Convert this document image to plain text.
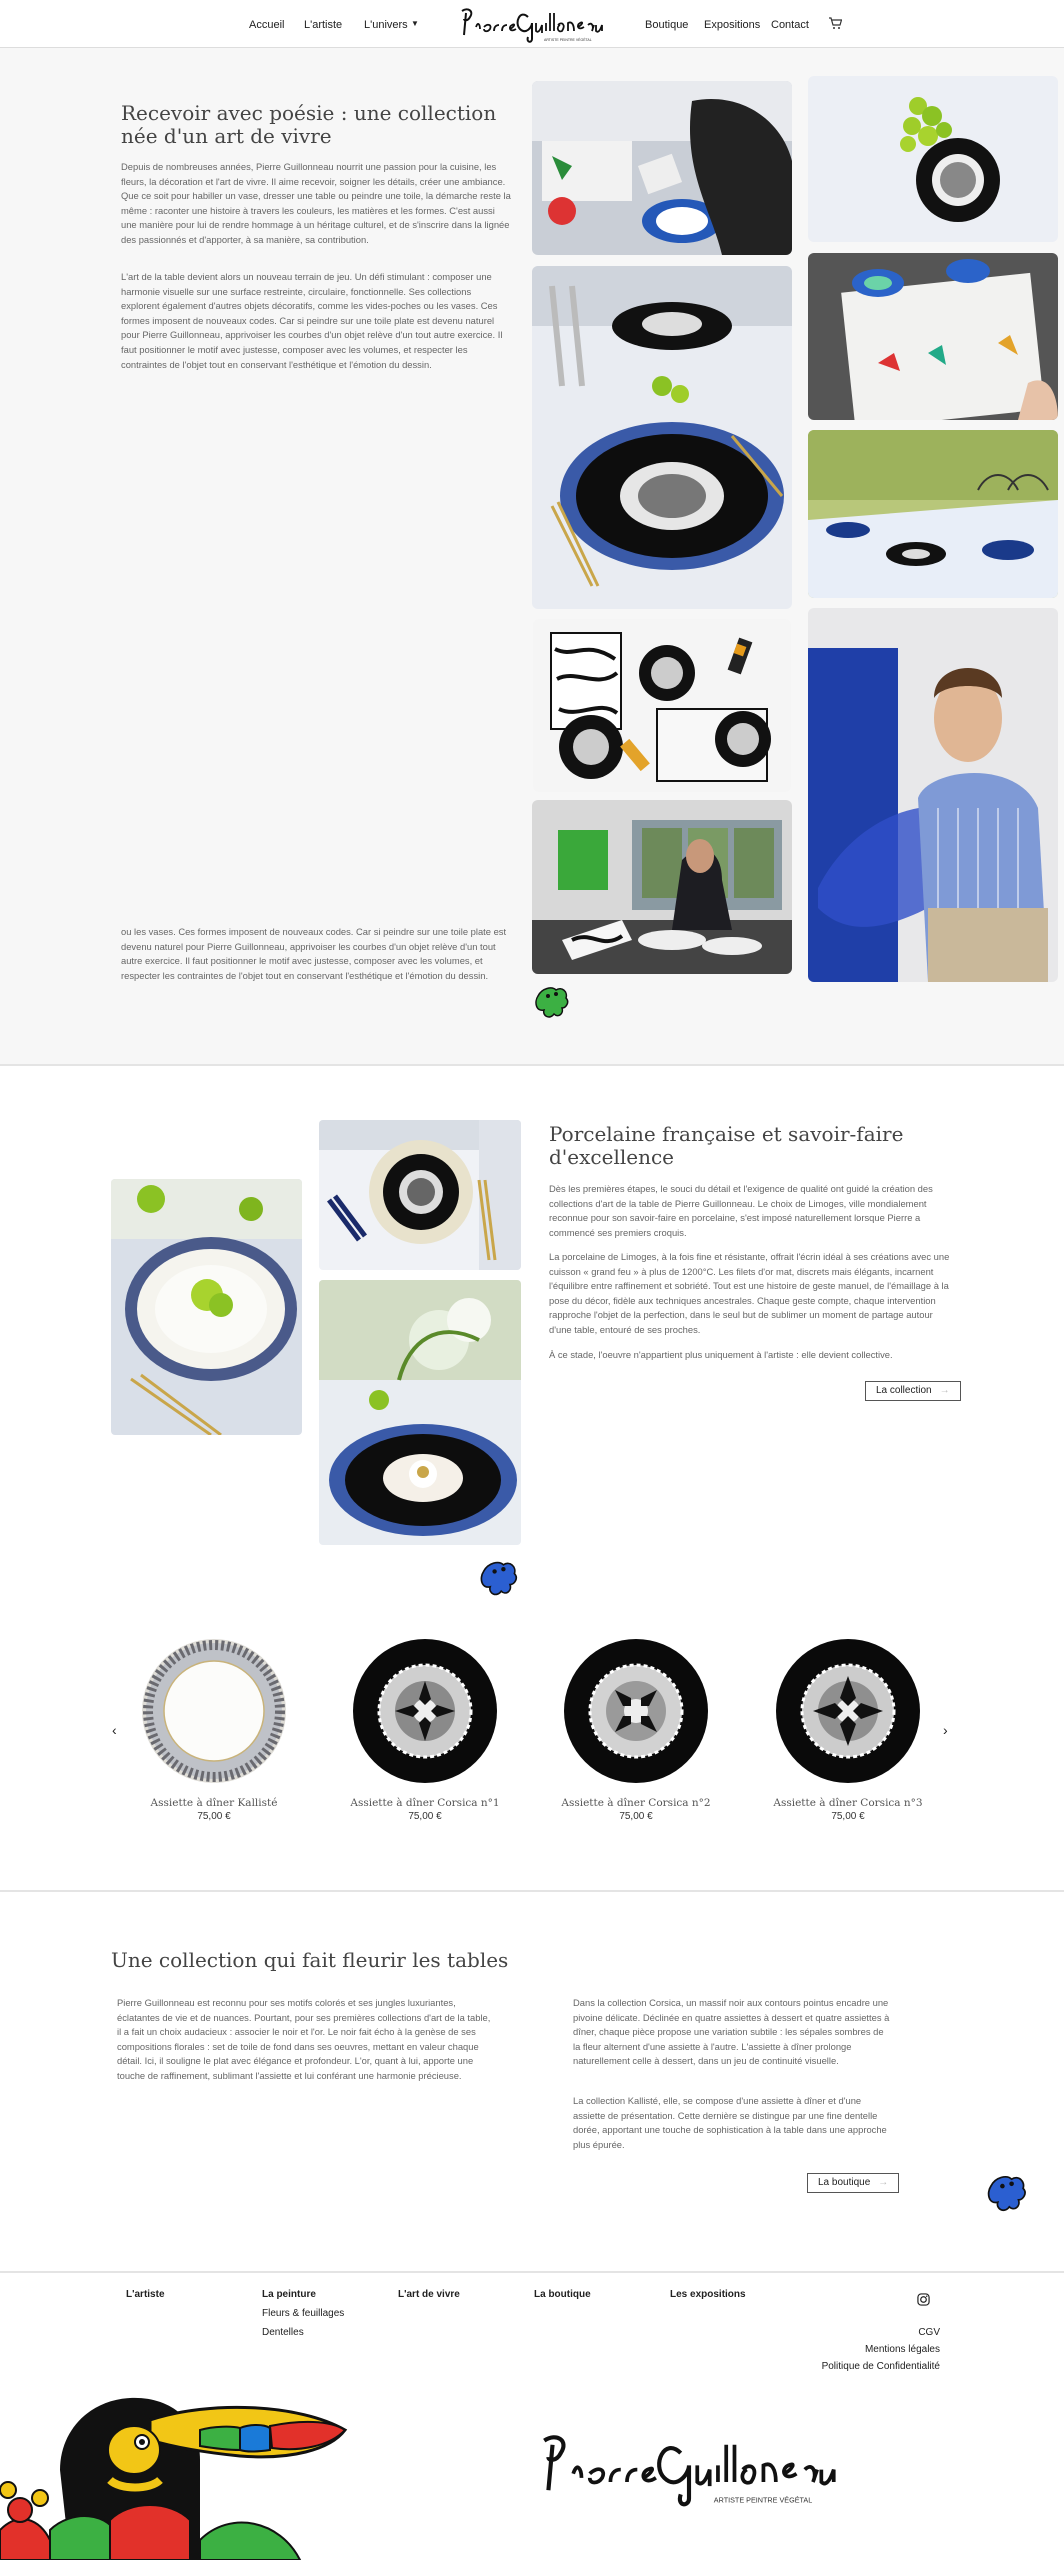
Accueil L'artiste L'univers ▼
ARTISTE PEINTRE VÉGÉTAL
Boutique Expositions Contact
Recevoir avec poésie : une collection née d'un art de vivre

Depuis de nombreuses années, Pierre Guillonneau nourrit une passion pour la cuisine, les fleurs, la décoration et l'art de vivre. Il aime recevoir, soigner les détails, créer une ambiance. Que ce soit pour habiller un vase, dresser une table ou peindre une toile, la démarche reste la même : raconter une histoire à travers les couleurs, les matières et les formes. C'est aussi une manière pour lui de rendre hommage à un héritage culturel, et de s'inscrire dans la lignée des passionnés et d'apporter, à sa manière, sa contribution.

L'art de la table devient alors un nouveau terrain de jeu. Un défi stimulant : composer une harmonie visuelle sur une surface restreinte, circulaire, fonctionnelle. Ses collections explorent également d'autres objets décoratifs, comme les vides-poches ou les vases. Ces formes imposent de nouveaux codes. Car si peindre sur une toile plate est devenu naturel pour Pierre Guillonneau, apprivoiser les courbes d'un objet relève d'un tout autre exercice. Il faut positionner le motif avec justesse, composer avec les volumes, et respecter les contraintes de l'objet tout en conservant l'esthétique et l'émotion du dessin.

ou les vases. Ces formes imposent de nouveaux codes. Car si peindre sur une toile plate est devenu naturel pour Pierre Guillonneau, apprivoiser les courbes d'un objet relève d'un tout autre exercice. Il faut positionner le motif avec justesse, composer avec les volumes, et respecter les contraintes de l'objet tout en conservant l'esthétique et l'émotion du dessin.

Porcelaine française et savoir-faire d'excellence

Dès les premières étapes, le souci du détail et l'exigence de qualité ont guidé la création des collections d'art de la table de Pierre Guillonneau. Le choix de Limoges, ville mondialement reconnue pour son savoir-faire en porcelaine, s'est imposé naturellement lorsque Pierre a commencé ses premiers croquis.

La porcelaine de Limoges, à la fois fine et résistante, offrait l'écrin idéal à ses créations avec une cuisson « grand feu » à plus de 1200°C. Les filets d'or mat, discrets mais élégants, incarnent l'équilibre entre raffinement et sobriété. Tout est une histoire de geste manuel, de l'émaillage à la pose du décor, fidèle aux techniques ancestrales. Chaque geste compte, chaque intervention rapproche l'objet de la perfection, dans le seul but de sublimer un moment de partage autour d'une table, entouré de ses proches.

À ce stade, l'oeuvre n'appartient plus uniquement à l'artiste : elle devient collective.

La collection →
‹	›
Assiette à dîner Kallisté
75,00 €
Assiette à dîner Corsica n°1
75,00 €
Assiette à dîner Corsica n°2
75,00 €
Assiette à dîner Corsica n°3
75,00 €
Une collection qui fait fleurir les tables

Pierre Guillonneau est reconnu pour ses motifs colorés et ses jungles luxuriantes, éclatantes de vie et de nuances. Pourtant, pour ses premières collections d'art de la table, il a fait un choix audacieux : associer le noir et l'or. Le noir fait écho à la genèse de ses compositions florales : set de toile de fond dans ses oeuvres, mettant en valeur chaque détail. Ici, il souligne le plat avec élégance et profondeur. L'or, quant à lui, apporte une touche de raffinement, sublimant l'assiette et lui conférant une harmonie précieuse.

Dans la collection Corsica, un massif noir aux contours pointus encadre une pivoine délicate. Déclinée en quatre assiettes à dessert et quatre assiettes à dîner, chaque pièce propose une variation subtile : les sépales sombres de la fleur alternent d'une assiette à l'autre. L'assiette à dîner prolonge naturellement celle à dessert, dans un jeu de continuité visuelle.

La collection Kallisté, elle, se compose d'une assiette à dîner et d'une assiette de présentation. Cette dernière se distingue par une fine dentelle dorée, apportant une touche de sophistication à la table dans une approche plus épurée.

La boutique →
L'artiste	La peinture
Fleurs & feuillages
Dentelles
L'art de vivre	La boutique	Les expositions
CGV
Mentions légales
Politique de Confidentialité
ARTISTE PEINTRE VÉGÉTAL
